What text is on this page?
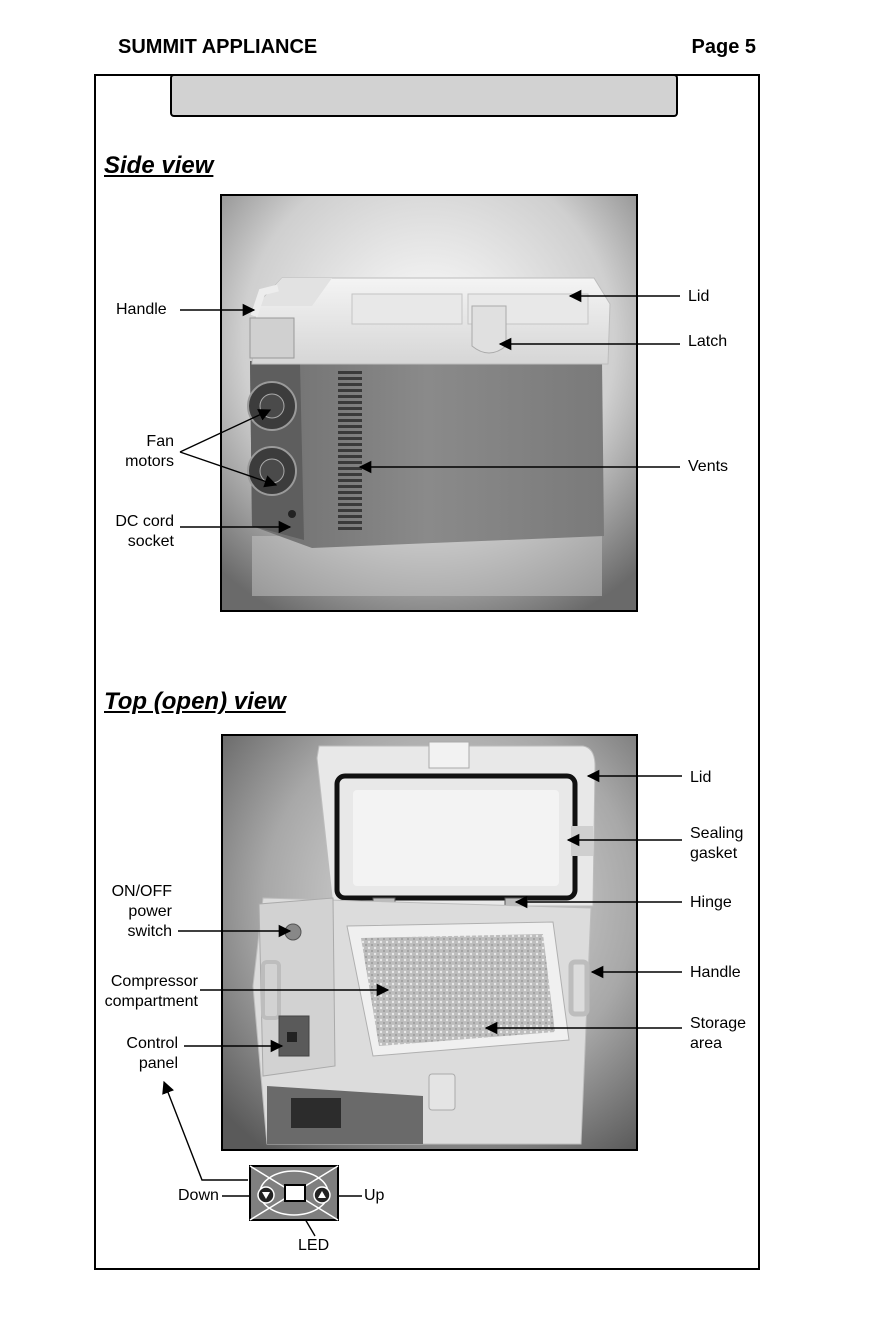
SUMMIT APPLIANCE	Page 5
Side view
Top (open) view
Handle
Fan
motors
DC cord
socket
Lid
Latch
Vents
ON/OFF
power
switch
Compressor
compartment
Control
panel
Lid
Sealing
gasket
Hinge
Handle
Storage
area
Down	Up
LED
